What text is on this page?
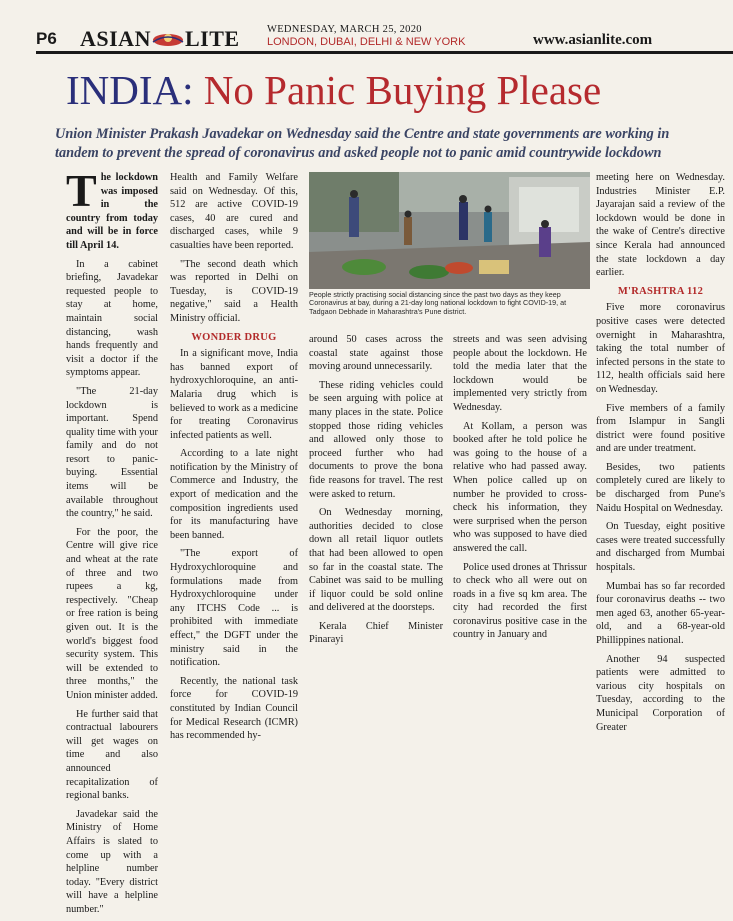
P6 ASIAN LITE	WEDNESDAY, MARCH 25, 2020
LONDON, DUBAI, DELHI & NEW YORK	www.asianlite.com
INDIA: No Panic Buying Please
Union Minister Prakash Javadekar on Wednesday said the Centre and state governments are working in tandem to prevent the spread of coronavirus and asked people not to panic amid countrywide lockdown

The lockdown was imposed in the country from today and will be in force till April 14.

In a cabinet briefing, Javadekar requested people to stay at home, maintain social distancing, wash hands frequently and visit a doctor if the symptoms appear.

"The 21-day lockdown is important. Spend quality time with your family and do not resort to panic-buying. Essential items will be available throughout the country," he said.

For the poor, the Centre will give rice and wheat at the rate of three and two rupees a kg, respectively. "Cheap or free ration is being given out. It is the world's biggest food security system. This will be extended to three months," the Union minister added.

He further said that contractual labourers will get wages on time and also announced recapitalization of regional banks.

Javadekar said the Ministry of Home Affairs is slated to come up with a helpline number today. "Every district will have a helpline number."

Health and Family Welfare said on Wednesday. Of this, 512 are active COVID-19 cases, 40 are cured and discharged cases, while 9 casualties have been reported.

"The second death which was reported in Delhi on Tuesday, is COVID-19 negative," said a Health Ministry official.

WONDER DRUG

In a significant move, India has banned export of hydroxychloroquine, an anti-Malaria drug which is believed to work as a medicine for treating Coronavirus infected patients as well.

According to a late night notification by the Ministry of Commerce and Industry, the export of medication and the composition ingredients used for its manufacturing have been banned.

"The export of Hydroxychloroquine and formulations made from Hydroxychloroquine under any ITCHS Code ... is prohibited with immediate effect," the DGFT under the ministry said in the notification.

Recently, the national task force for COVID-19 constituted by Indian Council for Medical Research (ICMR) has recommended hy-

People strictly practising social distancing since the past two days as they keep Coronavirus at bay, during a 21-day long national lockdown to fight COVID-19, at Tadgaon Debhade in Maharashtra's Pune district.

around 50 cases across the coastal state against those moving around unnecessarily.

These riding vehicles could be seen arguing with police at many places in the state. Police stopped those riding vehicles and allowed only those to proceed further who had documents to prove the bona fide reasons for travel. The rest were asked to return.

On Wednesday morning, authorities decided to close down all retail liquor outlets that had been allowed to open so far in the coastal state. The Cabinet was said to be mulling if liquor could be sold online and delivered at the doorsteps.

Kerala Chief Minister Pinarayi

streets and was seen advising people about the lockdown. He told the media later that the lockdown would be implemented very strictly from Wednesday.

At Kollam, a person was booked after he told police he was going to the house of a relative who had passed away. When police called up on number he provided to cross-check his information, they were surprised when the person who was supposed to have died answered the call.

Police used drones at Thrissur to check who all were out on roads in a five sq km area. The city had recorded the first coronavirus positive case in the country in January and

meeting here on Wednesday. Industries Minister E.P. Jayarajan said a review of the lockdown would be done in the wake of Centre's directive since Kerala had announced the state lockdown a day earlier.

M'RASHTRA 112

Five more coronavirus positive cases were detected overnight in Maharashtra, taking the total number of infected persons in the state to 112, health officials said here on Wednesday.

Five members of a family from Islampur in Sangli district were found positive and are under treatment.

Besides, two patients completely cured are likely to be discharged from Pune's Naidu Hospital on Wednesday.

On Tuesday, eight positive cases were treated successfully and discharged from Mumbai hospitals.

Mumbai has so far recorded four coronavirus deaths -- two men aged 63, another 65-year- old, and a 68-year-old Phillippines national.

Another 94 suspected patients were admitted to various city hospitals on Tuesday, according to the Municipal Corporation of Greater
